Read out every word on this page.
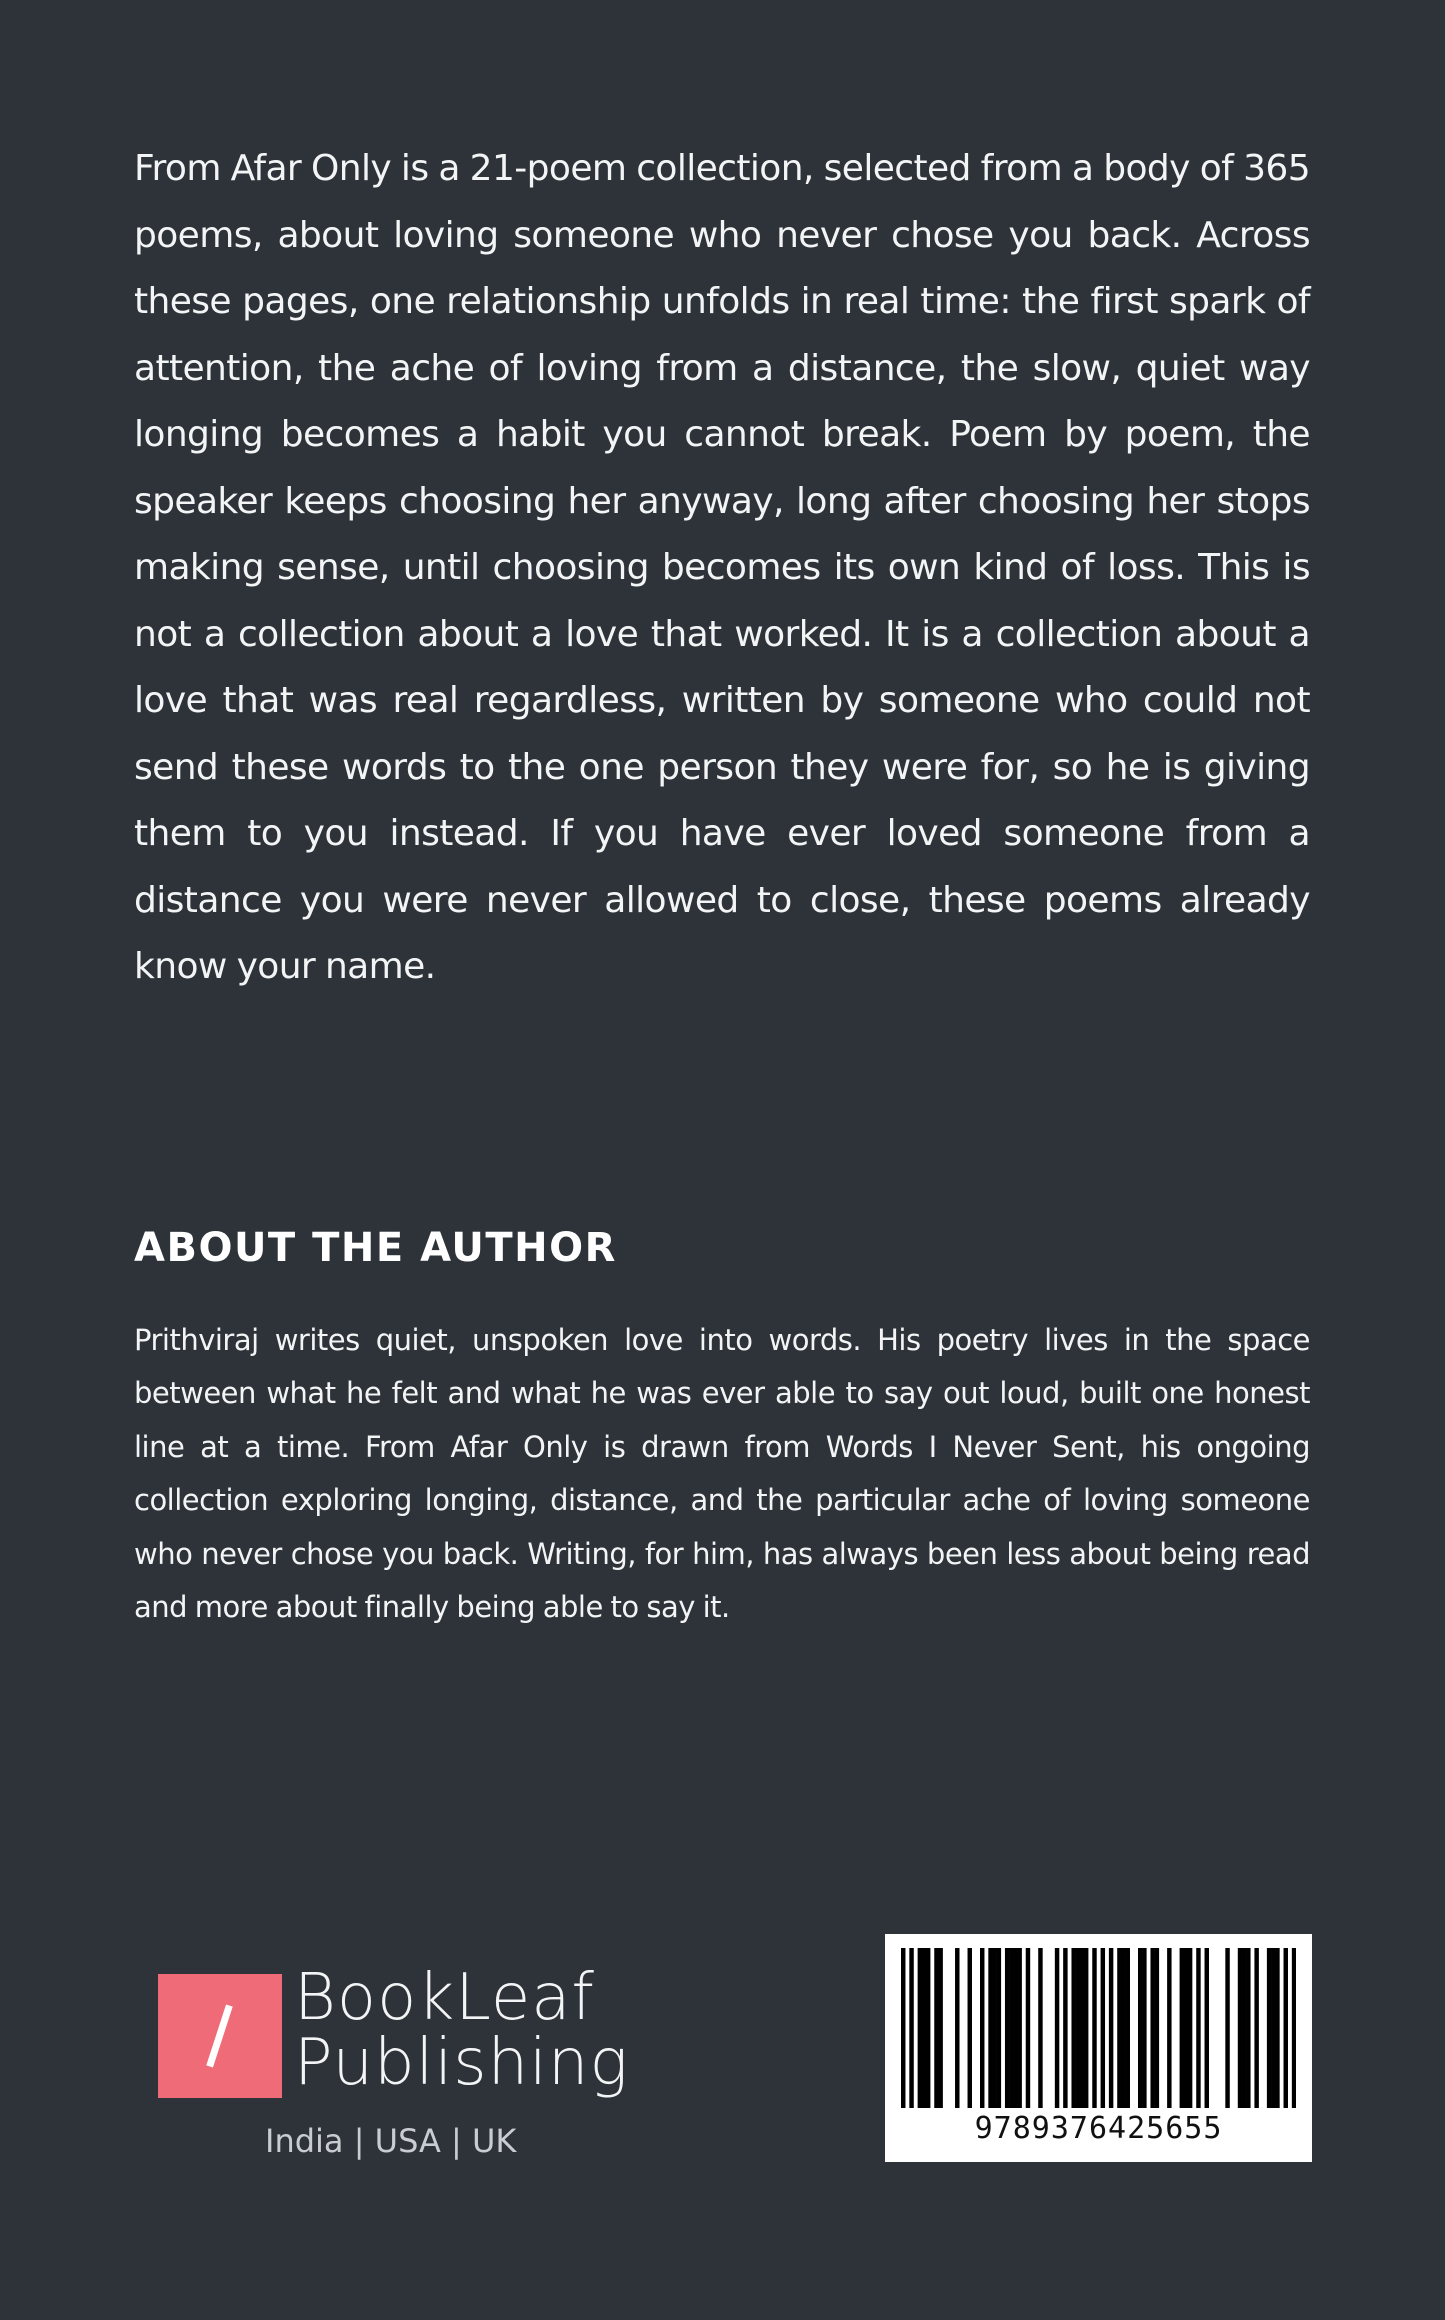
From Afar Only is a 21-poem collection, selected from a body of 365 poems, about loving someone who never chose you back. Across these pages, one relationship unfolds in real time: the first spark of attention, the ache of loving from a distance, the slow, quiet way longing becomes a habit you cannot break. Poem by poem, the speaker keeps choosing her anyway, long after choosing her stops making sense, until choosing becomes its own kind of loss. This is not a collection about a love that worked. It is a collection about a love that was real regardless, written by someone who could not send these words to the one person they were for, so he is giving them to you instead. If you have ever loved someone from a distance you were never allowed to close, these poems already know your name.

ABOUT THE AUTHOR

Prithviraj writes quiet, unspoken love into words. His poetry lives in the space between what he felt and what he was ever able to say out loud, built one honest line at a time. From Afar Only is drawn from Words I Never Sent, his ongoing collection exploring longing, distance, and the particular ache of loving someone who never chose you back. Writing, for him, has always been less about being read and more about finally being able to say it.

BookLeaf

Publishing

India | USA | UK	9789376425655
